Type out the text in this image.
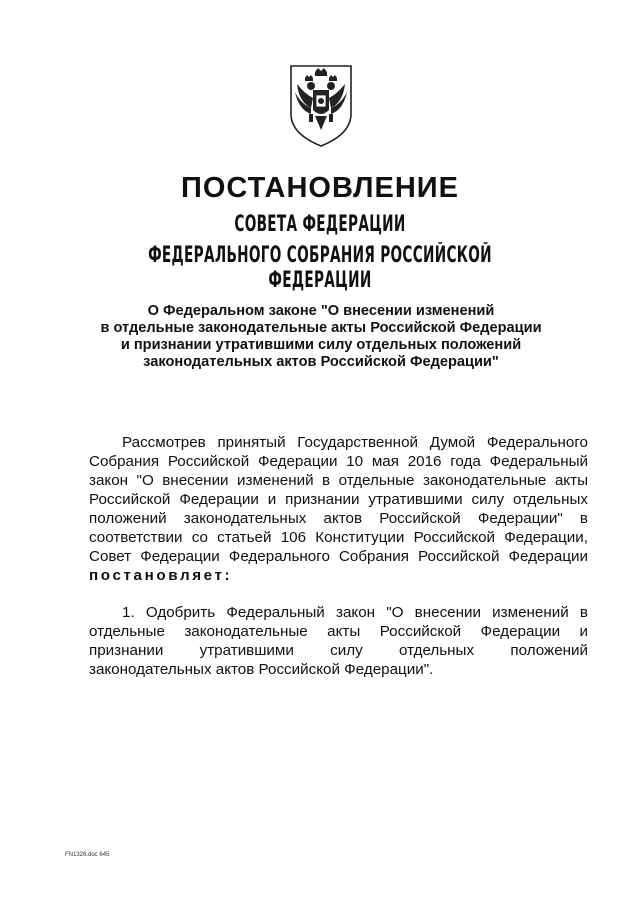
ПОСТАНОВЛЕНИЕ
СОВЕТА ФЕДЕРАЦИИ
ФЕДЕРАЛЬНОГО СОБРАНИЯ РОССИЙСКОЙ ФЕДЕРАЦИИ
О Федеральном законе "О внесении изменений
в отдельные законодательные акты Российской Федерации
и признании утратившими силу отдельных положений
законодательных актов Российской Федерации"
Рассмотрев принятый Государственной Думой Федерального
Собрания Российской Федерации 10 мая 2016 года Федеральный
закон "О внесении изменений в отдельные законодательные акты
Российской Федерации и признании утратившими силу отдельных
положений законодательных актов Российской Федерации" в
соответствии со статьей 106 Конституции Российской Федерации,
Совет Федерации Федерального Собрания Российской Федерации
постановляет:
1. Одобрить Федеральный закон "О внесении изменений в
отдельные законодательные акты Российской Федерации и
признании утратившими силу отдельных положений
законодательных актов Российской Федерации".
FN1326.doc 645
